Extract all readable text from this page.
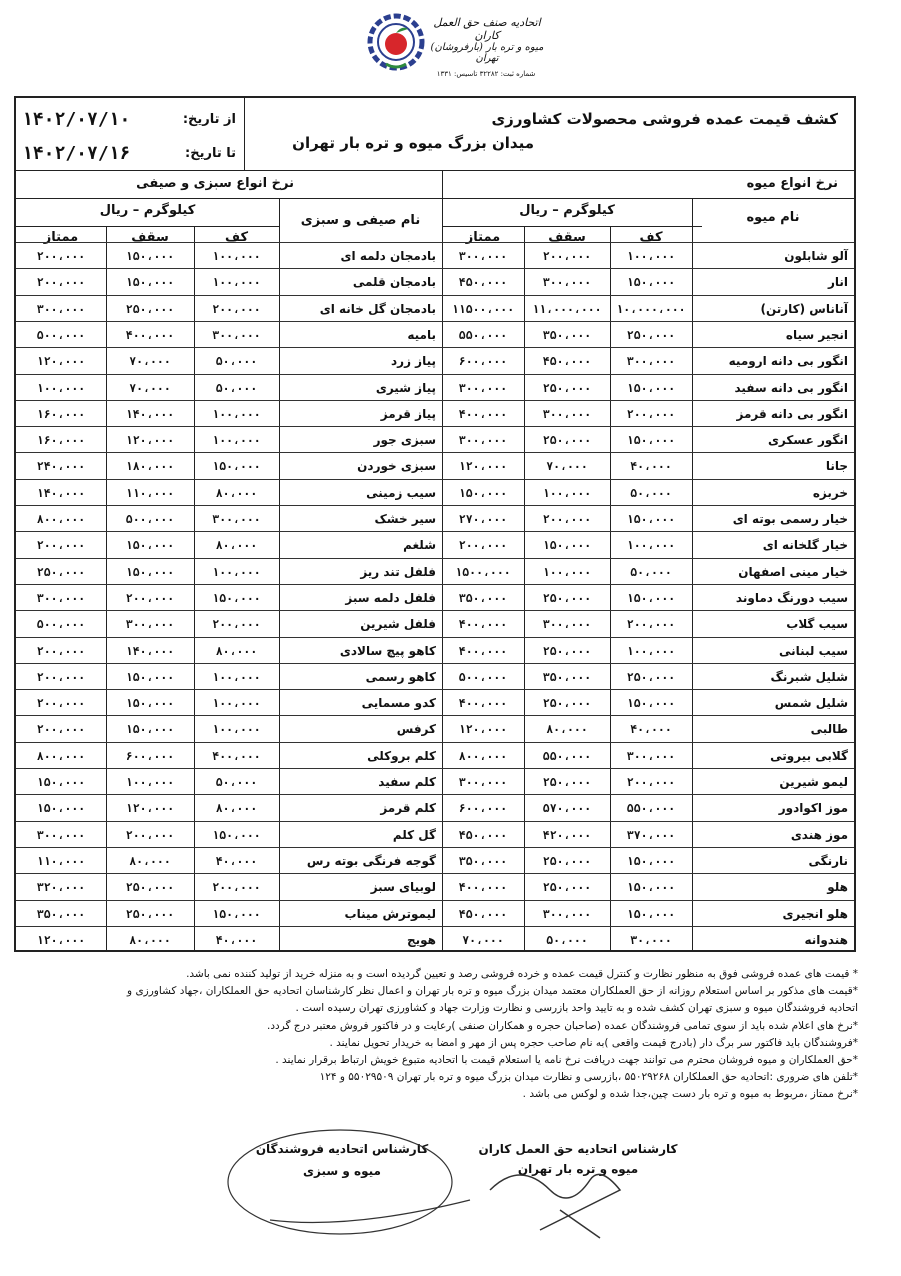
اتحادیه صنف حق العمل کاران
(بارفروشان) میوه و تره بار تهران
شماره ثبت: ۳۲۲۸۲ تاسیس: ۱۳۳۱
کشف قیمت عمده فروشی محصولات کشاورزی
میدان بزرگ میوه و تره بار تهران
از تاریخ:
۱۴۰۲/۰۷/۱۰
تا تاریخ:
۱۴۰۲/۰۷/۱۶
نرخ انواع میوه
نام میوه
کیلوگرم – ریال
کف
سقف
ممتاز
نرخ انواع سبزی و صیفی
نام صیفی و سبزی
کیلوگرم – ریال
کف
سقف
ممتاز
آلو شابلون
۱۰۰،۰۰۰
۲۰۰،۰۰۰
۳۰۰،۰۰۰
بادمجان دلمه ای
۱۰۰،۰۰۰
۱۵۰،۰۰۰
۲۰۰،۰۰۰
انار
۱۵۰،۰۰۰
۳۰۰،۰۰۰
۴۵۰،۰۰۰
بادمجان قلمی
۱۰۰،۰۰۰
۱۵۰،۰۰۰
۲۰۰،۰۰۰
آناناس (کارتن)
۱۰،۰۰۰،۰۰۰
۱۱،۰۰۰،۰۰۰
۱۱۵۰۰،۰۰۰
بادمجان گل خانه ای
۲۰۰،۰۰۰
۲۵۰،۰۰۰
۳۰۰،۰۰۰
انجیر سیاه
۲۵۰،۰۰۰
۳۵۰،۰۰۰
۵۵۰،۰۰۰
بامیه
۳۰۰،۰۰۰
۴۰۰،۰۰۰
۵۰۰،۰۰۰
انگور بی دانه ارومیه
۳۰۰،۰۰۰
۴۵۰،۰۰۰
۶۰۰،۰۰۰
پیاز زرد
۵۰،۰۰۰
۷۰،۰۰۰
۱۲۰،۰۰۰
انگور بی دانه سفید
۱۵۰،۰۰۰
۲۵۰،۰۰۰
۳۰۰،۰۰۰
پیاز شیری
۵۰،۰۰۰
۷۰،۰۰۰
۱۰۰،۰۰۰
انگور بی دانه قرمز
۲۰۰،۰۰۰
۳۰۰،۰۰۰
۴۰۰،۰۰۰
پیاز قرمز
۱۰۰،۰۰۰
۱۴۰،۰۰۰
۱۶۰،۰۰۰
انگور عسکری
۱۵۰،۰۰۰
۲۵۰،۰۰۰
۳۰۰،۰۰۰
سبزی جور
۱۰۰،۰۰۰
۱۲۰،۰۰۰
۱۶۰،۰۰۰
جانا
۴۰،۰۰۰
۷۰،۰۰۰
۱۲۰،۰۰۰
سبزی خوردن
۱۵۰،۰۰۰
۱۸۰،۰۰۰
۲۴۰،۰۰۰
خربزه
۵۰،۰۰۰
۱۰۰،۰۰۰
۱۵۰،۰۰۰
سیب زمینی
۸۰،۰۰۰
۱۱۰،۰۰۰
۱۴۰،۰۰۰
خیار رسمی بوته ای
۱۵۰،۰۰۰
۲۰۰،۰۰۰
۲۷۰،۰۰۰
سیر خشک
۳۰۰،۰۰۰
۵۰۰،۰۰۰
۸۰۰،۰۰۰
خیار گلخانه ای
۱۰۰،۰۰۰
۱۵۰،۰۰۰
۲۰۰،۰۰۰
شلغم
۸۰،۰۰۰
۱۵۰،۰۰۰
۲۰۰،۰۰۰
خیار مینی اصفهان
۵۰،۰۰۰
۱۰۰،۰۰۰
۱۵۰۰،۰۰۰
فلفل تند ریز
۱۰۰،۰۰۰
۱۵۰،۰۰۰
۲۵۰،۰۰۰
سیب دورنگ دماوند
۱۵۰،۰۰۰
۲۵۰،۰۰۰
۳۵۰،۰۰۰
فلفل دلمه سبز
۱۵۰،۰۰۰
۲۰۰،۰۰۰
۳۰۰،۰۰۰
سیب گلاب
۲۰۰،۰۰۰
۳۰۰،۰۰۰
۴۰۰،۰۰۰
فلفل شیرین
۲۰۰،۰۰۰
۳۰۰،۰۰۰
۵۰۰،۰۰۰
سیب لبنانی
۱۰۰،۰۰۰
۲۵۰،۰۰۰
۴۰۰،۰۰۰
کاهو پیچ سالادی
۸۰،۰۰۰
۱۴۰،۰۰۰
۲۰۰،۰۰۰
شلیل شبرنگ
۲۵۰،۰۰۰
۳۵۰،۰۰۰
۵۰۰،۰۰۰
کاهو رسمی
۱۰۰،۰۰۰
۱۵۰،۰۰۰
۲۰۰،۰۰۰
شلیل شمس
۱۵۰،۰۰۰
۲۵۰،۰۰۰
۴۰۰،۰۰۰
کدو مسمایی
۱۰۰،۰۰۰
۱۵۰،۰۰۰
۲۰۰،۰۰۰
طالبی
۴۰،۰۰۰
۸۰،۰۰۰
۱۲۰،۰۰۰
کرفس
۱۰۰،۰۰۰
۱۵۰،۰۰۰
۲۰۰،۰۰۰
گلابی بیروتی
۳۰۰،۰۰۰
۵۵۰،۰۰۰
۸۰۰،۰۰۰
کلم بروکلی
۴۰۰،۰۰۰
۶۰۰،۰۰۰
۸۰۰،۰۰۰
لیمو شیرین
۲۰۰،۰۰۰
۲۵۰،۰۰۰
۳۰۰،۰۰۰
کلم سفید
۵۰،۰۰۰
۱۰۰،۰۰۰
۱۵۰،۰۰۰
موز اکوادور
۵۵۰،۰۰۰
۵۷۰،۰۰۰
۶۰۰،۰۰۰
کلم قرمز
۸۰،۰۰۰
۱۲۰،۰۰۰
۱۵۰،۰۰۰
موز هندی
۳۷۰،۰۰۰
۴۲۰،۰۰۰
۴۵۰،۰۰۰
گل کلم
۱۵۰،۰۰۰
۲۰۰،۰۰۰
۳۰۰،۰۰۰
نارنگی
۱۵۰،۰۰۰
۲۵۰،۰۰۰
۳۵۰،۰۰۰
گوجه فرنگی بوته رس
۴۰،۰۰۰
۸۰،۰۰۰
۱۱۰،۰۰۰
هلو
۱۵۰،۰۰۰
۲۵۰،۰۰۰
۴۰۰،۰۰۰
لوبیای سبز
۲۰۰،۰۰۰
۲۵۰،۰۰۰
۳۲۰،۰۰۰
هلو انجیری
۱۵۰،۰۰۰
۳۰۰،۰۰۰
۴۵۰،۰۰۰
لیموترش میناب
۱۵۰،۰۰۰
۲۵۰،۰۰۰
۳۵۰،۰۰۰
هندوانه
۳۰،۰۰۰
۵۰،۰۰۰
۷۰،۰۰۰
هویج
۴۰،۰۰۰
۸۰،۰۰۰
۱۲۰،۰۰۰
* قیمت های عمده فروشی فوق به منظور نظارت و کنترل قیمت عمده و خرده فروشی رصد و تعیین گردیده است و به منزله خرید از تولید کننده نمی باشد.
*قیمت های مذکور بر اساس استعلام روزانه از حق العملکاران معتمد میدان بزرگ میوه و تره بار تهران و اعمال نظر کارشناسان اتحادیه حق العملکاران ،جهاد کشاورزی و
اتحادیه فروشندگان میوه و سبزی تهران کشف شده و به تایید واحد بازرسی و نظارت وزارت جهاد و کشاورزی تهران رسیده است .
*نرخ های اعلام شده باید از سوی تمامی فروشندگان عمده (صاحبان حجره و همکاران صنفی )رعایت و در فاکتور فروش معتبر درج گردد.
*فروشندگان باید فاکتور سر برگ دار (بادرج قیمت واقعی )به نام صاحب حجره پس از مهر و امضا به خریدار تحویل نمایند .
*حق العملکاران و میوه فروشان محترم می توانند جهت دریافت نرخ نامه یا استعلام قیمت با اتحادیه متبوع خویش ارتباط برقرار نمایند .
*تلفن های ضروری :اتحادیه حق العملکاران ۵۵۰۲۹۲۶۸ ،بازرسی و نظارت میدان بزرگ میوه و تره بار تهران ۵۵۰۲۹۵۰۹ و ۱۲۴
*نرخ ممتاز ،مربوط به میوه و تره بار دست چین،جدا شده و لوکس می باشد .
کارشناس اتحادیه حق العمل کاران
میوه و تره بار تهران
کارشناس اتحادیه فروشندگان
میوه و سبزی
